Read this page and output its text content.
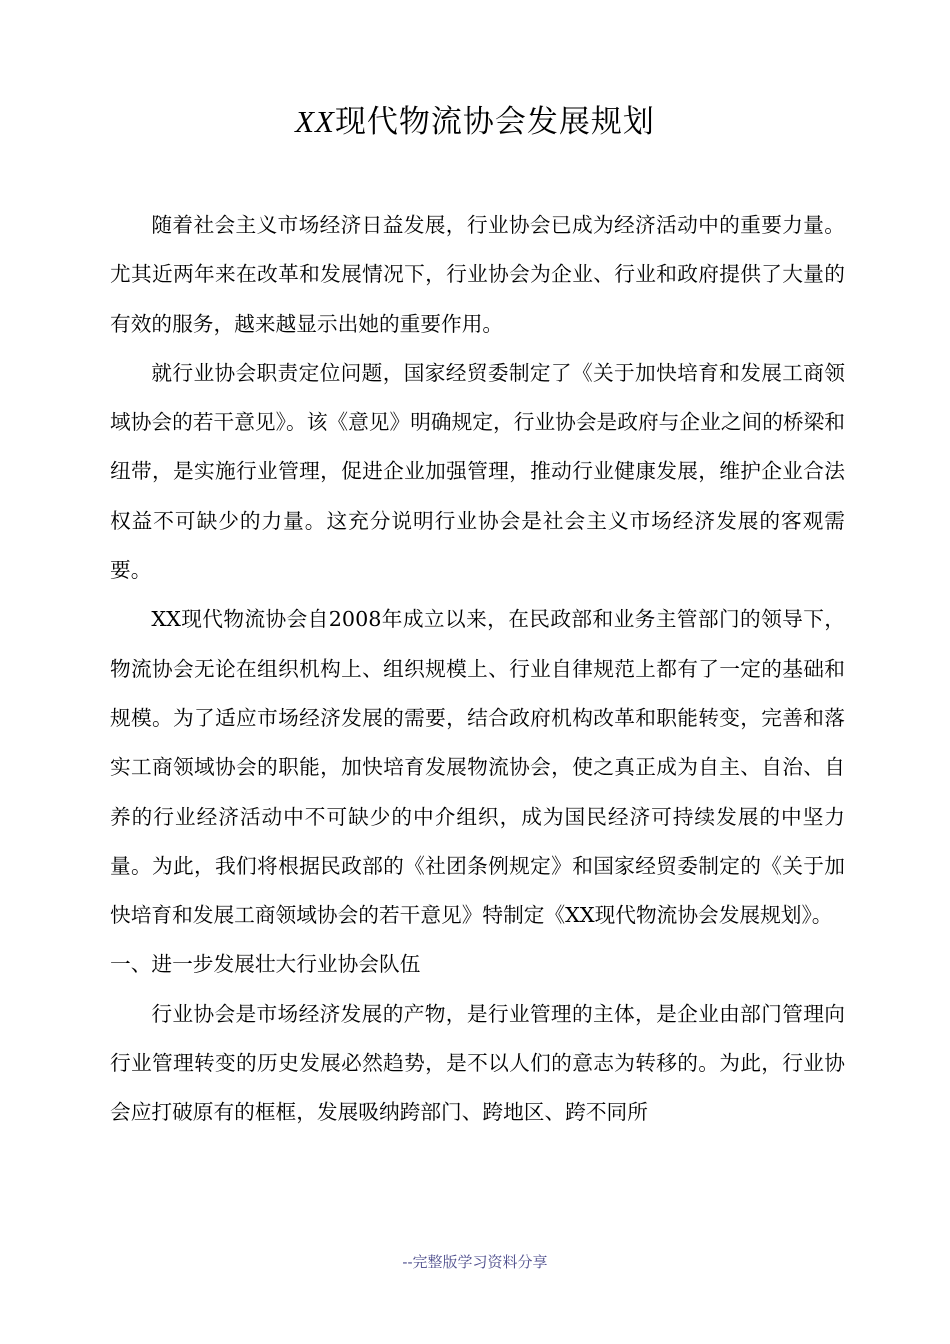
XX现代物流协会发展规划

随着社会主义市场经济日益发展，行业协会已成为经济活动中的重要力量。尤其近两年来在改革和发展情况下，行业协会为企业、行业和政府提供了大量的有效的服务，越来越显示出她的重要作用。

就行业协会职责定位问题，国家经贸委制定了《关于加快培育和发展工商领域协会的若干意见》。该《意见》明确规定，行业协会是政府与企业之间的桥梁和纽带，是实施行业管理，促进企业加强管理，推动行业健康发展，维护企业合法权益不可缺少的力量。这充分说明行业协会是社会主义市场经济发展的客观需要。

XX现代物流协会自2008年成立以来，在民政部和业务主管部门的领导下，物流协会无论在组织机构上、组织规模上、行业自律规范上都有了一定的基础和规模。为了适应市场经济发展的需要，结合政府机构改革和职能转变，完善和落实工商领域协会的职能，加快培育发展物流协会，使之真正成为自主、自治、自养的行业经济活动中不可缺少的中介组织，成为国民经济可持续发展的中坚力量。为此，我们将根据民政部的《社团条例规定》和国家经贸委制定的《关于加快培育和发展工商领域协会的若干意见》特制定《XX现代物流协会发展规划》。

一、进一步发展壮大行业协会队伍

行业协会是市场经济发展的产物，是行业管理的主体，是企业由部门管理向行业管理转变的历史发展必然趋势，是不以人们的意志为转移的。为此，行业协会应打破原有的框框，发展吸纳跨部门、跨地区、跨不同所

--完整版学习资料分享
